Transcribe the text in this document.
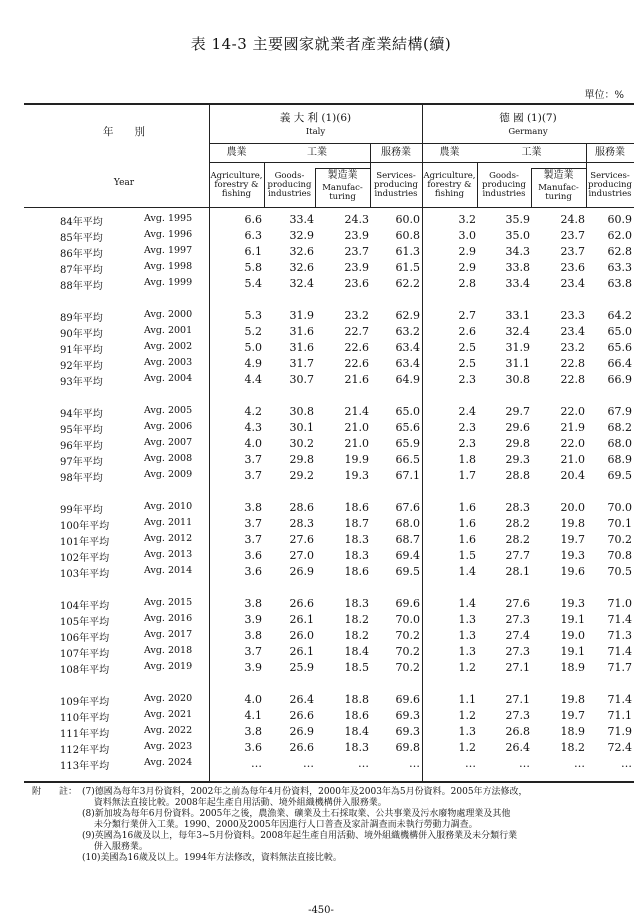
表 14-3 主要國家就業者產業結構(續)
單位：%
年　　別
Year
義 大 利 (1)(6)
Italy
德 國 (1)(7)
Germany
農業	工業	服務業
Agriculture,
forestry &
fishing
Goods-
producing
industries
製造業
Manufac-
turing
Services-
producing
industries
農業	工業	服務業
Agriculture,
forestry &
fishing
Goods-
producing
industries
製造業
Manufac-
turing
Services-
producing
industries
84年平均	Avg. 1995	6.6	33.4	24.3	60.0	3.2	35.9	24.8	60.9
85年平均	Avg. 1996	6.3	32.9	23.9	60.8	3.0	35.0	23.7	62.0
86年平均	Avg. 1997	6.1	32.6	23.7	61.3	2.9	34.3	23.7	62.8
87年平均	Avg. 1998	5.8	32.6	23.9	61.5	2.9	33.8	23.6	63.3
88年平均	Avg. 1999	5.4	32.4	23.6	62.2	2.8	33.4	23.4	63.8
89年平均	Avg. 2000	5.3	31.9	23.2	62.9	2.7	33.1	23.3	64.2
90年平均	Avg. 2001	5.2	31.6	22.7	63.2	2.6	32.4	23.4	65.0
91年平均	Avg. 2002	5.0	31.6	22.6	63.4	2.5	31.9	23.2	65.6
92年平均	Avg. 2003	4.9	31.7	22.6	63.4	2.5	31.1	22.8	66.4
93年平均	Avg. 2004	4.4	30.7	21.6	64.9	2.3	30.8	22.8	66.9
94年平均	Avg. 2005	4.2	30.8	21.4	65.0	2.4	29.7	22.0	67.9
95年平均	Avg. 2006	4.3	30.1	21.0	65.6	2.3	29.6	21.9	68.2
96年平均	Avg. 2007	4.0	30.2	21.0	65.9	2.3	29.8	22.0	68.0
97年平均	Avg. 2008	3.7	29.8	19.9	66.5	1.8	29.3	21.0	68.9
98年平均	Avg. 2009	3.7	29.2	19.3	67.1	1.7	28.8	20.4	69.5
99年平均	Avg. 2010	3.8	28.6	18.6	67.6	1.6	28.3	20.0	70.0
100年平均	Avg. 2011	3.7	28.3	18.7	68.0	1.6	28.2	19.8	70.1
101年平均	Avg. 2012	3.7	27.6	18.3	68.7	1.6	28.2	19.7	70.2
102年平均	Avg. 2013	3.6	27.0	18.3	69.4	1.5	27.7	19.3	70.8
103年平均	Avg. 2014	3.6	26.9	18.6	69.5	1.4	28.1	19.6	70.5
104年平均	Avg. 2015	3.8	26.6	18.3	69.6	1.4	27.6	19.3	71.0
105年平均	Avg. 2016	3.9	26.1	18.2	70.0	1.3	27.3	19.1	71.4
106年平均	Avg. 2017	3.8	26.0	18.2	70.2	1.3	27.4	19.0	71.3
107年平均	Avg. 2018	3.7	26.1	18.4	70.2	1.3	27.3	19.1	71.4
108年平均	Avg. 2019	3.9	25.9	18.5	70.2	1.2	27.1	18.9	71.7
109年平均	Avg. 2020	4.0	26.4	18.8	69.6	1.1	27.1	19.8	71.4
110年平均	Avg. 2021	4.1	26.6	18.6	69.3	1.2	27.3	19.7	71.1
111年平均	Avg. 2022	3.8	26.9	18.4	69.3	1.3	26.8	18.9	71.9
112年平均	Avg. 2023	3.6	26.6	18.3	69.8	1.2	26.4	18.2	72.4
113年平均	Avg. 2024	…	…	…	…	…	…	…	…
附　　註： (7)德國為每年3月份資料，2002年之前為每年4月份資料，2000年及2003年為5月份資料。2005年方法修改，
　 資料無法直接比較。2008年起生產自用活動、境外組織機構併入服務業。
(8)新加坡為每年6月份資料。2005年之後，農漁業、礦業及土石採取業、公共事業及污水廢物處理業及其他
　 未分類行業併入工業。1990、2000及2005年因進行人口普查及家計調查而未執行勞動力調查。
(9)英國為16歲及以上，每年3~5月份資料。2008年起生產自用活動、境外組織機構併入服務業及未分類行業
　 併入服務業。
(10)美國為16歲及以上。1994年方法修改，資料無法直接比較。
-450-
